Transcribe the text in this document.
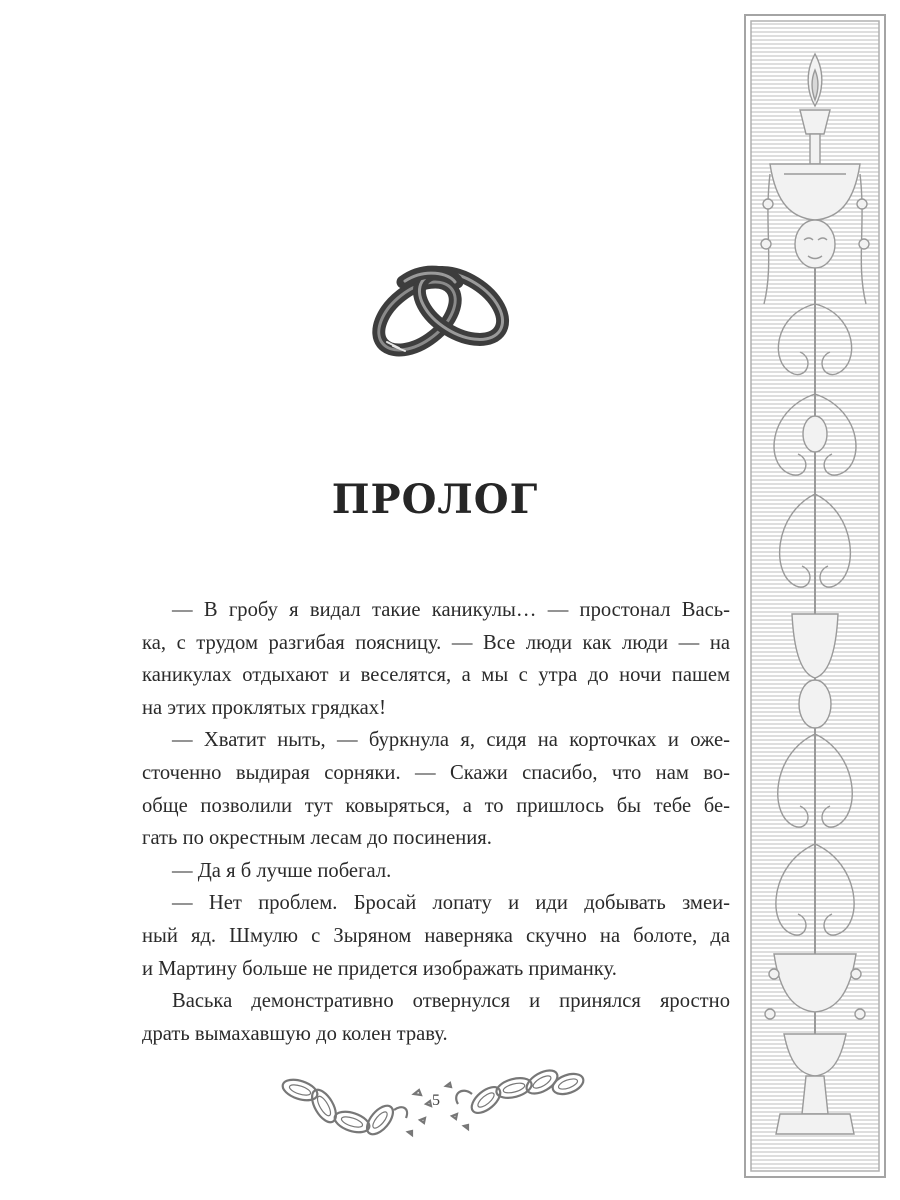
ПРОЛОГ
— В гробу я видал такие каникулы… — простонал Вась-
ка, с трудом разгибая поясницу. — Все люди как люди — на
каникулах отдыхают и веселятся, а мы с утра до ночи пашем
на этих проклятых грядках!
— Хватит ныть, — буркнула я, сидя на корточках и оже-
сточенно выдирая сорняки. — Скажи спасибо, что нам во-
обще позволили тут ковыряться, а то пришлось бы тебе бе-
гать по окрестным лесам до посинения.
— Да я б лучше побегал.
— Нет проблем. Бросай лопату и иди добывать змеи-
ный яд. Шмулю с Зыряном наверняка скучно на болоте, да
и Мартину больше не придется изображать приманку.
Васька демонстративно отвернулся и принялся яростно
драть вымахавшую до колен траву.
5
